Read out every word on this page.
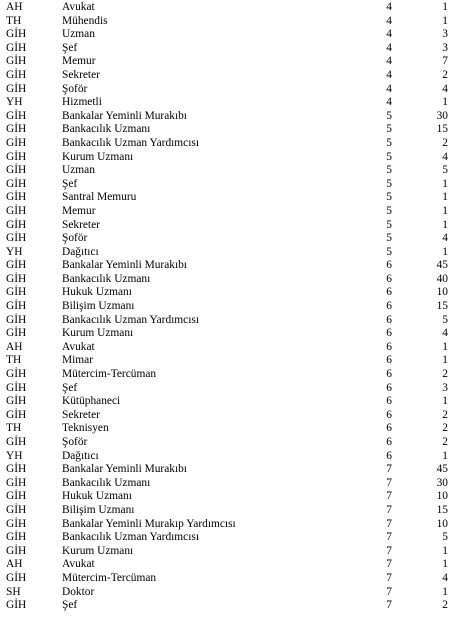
AH	Avukat	4	1
TH	Mühendis	4	1
GİH	Uzman	4	3
GİH	Şef	4	3
GİH	Memur	4	7
GİH	Sekreter	4	2
GİH	Şoför	4	4
YH	Hizmetli	4	1
GİH	Bankalar Yeminli Murakıbı	5	30
GİH	Bankacılık Uzmanı	5	15
GİH	Bankacılık Uzman Yardımcısı	5	2
GİH	Kurum Uzmanı	5	4
GİH	Uzman	5	5
GİH	Şef	5	1
GİH	Santral Memuru	5	1
GİH	Memur	5	1
GİH	Sekreter	5	1
GİH	Şoför	5	4
YH	Dağıtıcı	5	1
GİH	Bankalar Yeminli Murakıbı	6	45
GİH	Bankacılık Uzmanı	6	40
GİH	Hukuk Uzmanı	6	10
GİH	Bilişim Uzmanı	6	15
GİH	Bankacılık Uzman Yardımcısı	6	5
GİH	Kurum Uzmanı	6	4
AH	Avukat	6	1
TH	Mimar	6	1
GİH	Mütercim-Tercüman	6	2
GİH	Şef	6	3
GİH	Kütüphaneci	6	1
GİH	Sekreter	6	2
TH	Teknisyen	6	2
GİH	Şoför	6	2
YH	Dağıtıcı	6	1
GİH	Bankalar Yeminli Murakıbı	7	45
GİH	Bankacılık Uzmanı	7	30
GİH	Hukuk Uzmanı	7	10
GİH	Bilişim Uzmanı	7	15
GİH	Bankalar Yeminli Murakıp Yardımcısı	7	10
GİH	Bankacılık Uzman Yardımcısı	7	5
GİH	Kurum Uzmanı	7	1
AH	Avukat	7	1
GİH	Mütercim-Tercüman	7	4
SH	Doktor	7	1
GİH	Şef	7	2
